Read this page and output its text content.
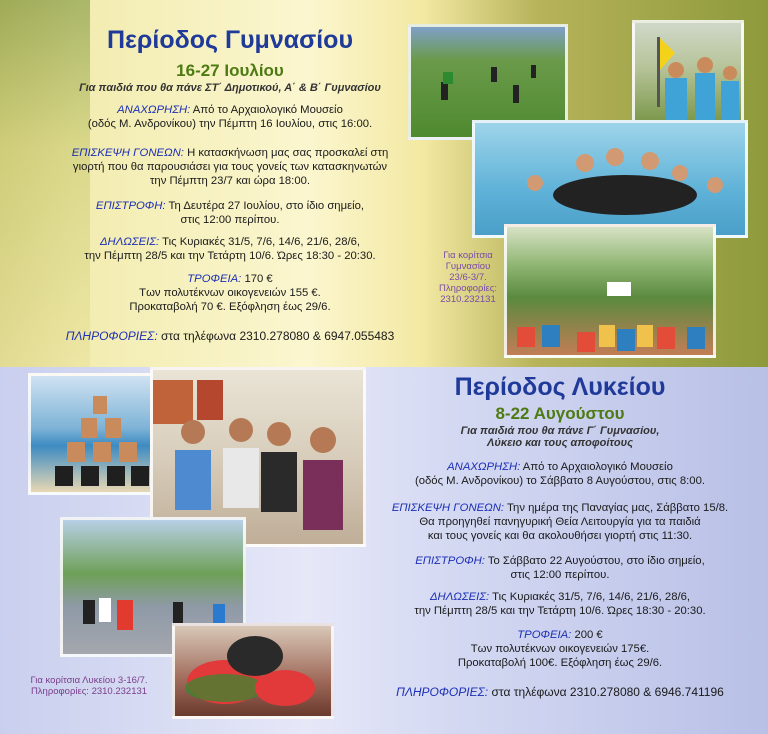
Περίοδος Γυμνασίου
16-27 Ιουλίου
Για παιδιά που θα πάνε ΣΤ΄ Δημοτικού, Α΄ & Β΄ Γυμνασίου
ΑΝΑΧΩΡΗΣΗ: Από το Αρχαιολογικό Μουσείο
(οδός Μ. Ανδρονίκου) την Πέμπτη 16 Ιουλίου, στις 16:00.
ΕΠΙΣΚΕΨΗ ΓΟΝΕΩΝ: Η κατασκήνωση μας σας προσκαλεί στη
γιορτή που θα παρουσιάσει για τους γονείς των κατασκηνωτών
την Πέμπτη 23/7 και ώρα 18:00.
ΕΠΙΣΤΡΟΦΗ: Τη Δευτέρα 27 Ιουλίου, στο ίδιο σημείο,
στις 12:00 περίπου.
ΔΗΛΩΣΕΙΣ: Τις Κυριακές 31/5, 7/6, 14/6, 21/6, 28/6,
την Πέμπτη 28/5 και την Τετάρτη 10/6. Ώρες 18:30 - 20:30.
ΤΡΟΦΕΙΑ: 170 €
Των πολυτέκνων οικογενειών 155 €.
Προκαταβολή 70 €. Εξόφληση έως 29/6.
ΠΛΗΡΟΦΟΡΙΕΣ: στα τηλέφωνα 2310.278080 & 6947.055483
Για κορίτσια
Γυμνασίου
23/6-3/7.
Πληροφορίες:
2310.232131
Περίοδος Λυκείου
8-22 Αυγούστου
Για παιδιά που θα πάνε Γ΄ Γυμνασίου,
Λύκειο και τους αποφοίτους
ΑΝΑΧΩΡΗΣΗ: Από το Αρχαιολογικό Μουσείο
(οδός Μ. Ανδρονίκου) το Σάββατο 8 Αυγούστου, στις 8:00.
ΕΠΙΣΚΕΨΗ ΓΟΝΕΩΝ: Την ημέρα της Παναγίας μας, Σάββατο 15/8.
Θα προηγηθεί πανηγυρική Θεία Λειτουργία για τα παιδιά
και τους γονείς και θα ακολουθήσει γιορτή στις 11:30.
ΕΠΙΣΤΡΟΦΗ: Το Σάββατο 22 Αυγούστου, στο ίδιο σημείο,
στις 12:00 περίπου.
ΔΗΛΩΣΕΙΣ: Τις Κυριακές 31/5, 7/6, 14/6, 21/6, 28/6,
την Πέμπτη 28/5 και την Τετάρτη 10/6. Ώρες 18:30 - 20:30.
ΤΡΟΦΕΙΑ: 200 €
Των πολυτέκνων οικογενειών 175€.
Προκαταβολή 100€. Εξόφληση έως 29/6.
ΠΛΗΡΟΦΟΡΙΕΣ: στα τηλέφωνα 2310.278080 & 6946.741196
Για κορίτσια Λυκείου 3-16/7.
Πληροφορίες: 2310.232131
